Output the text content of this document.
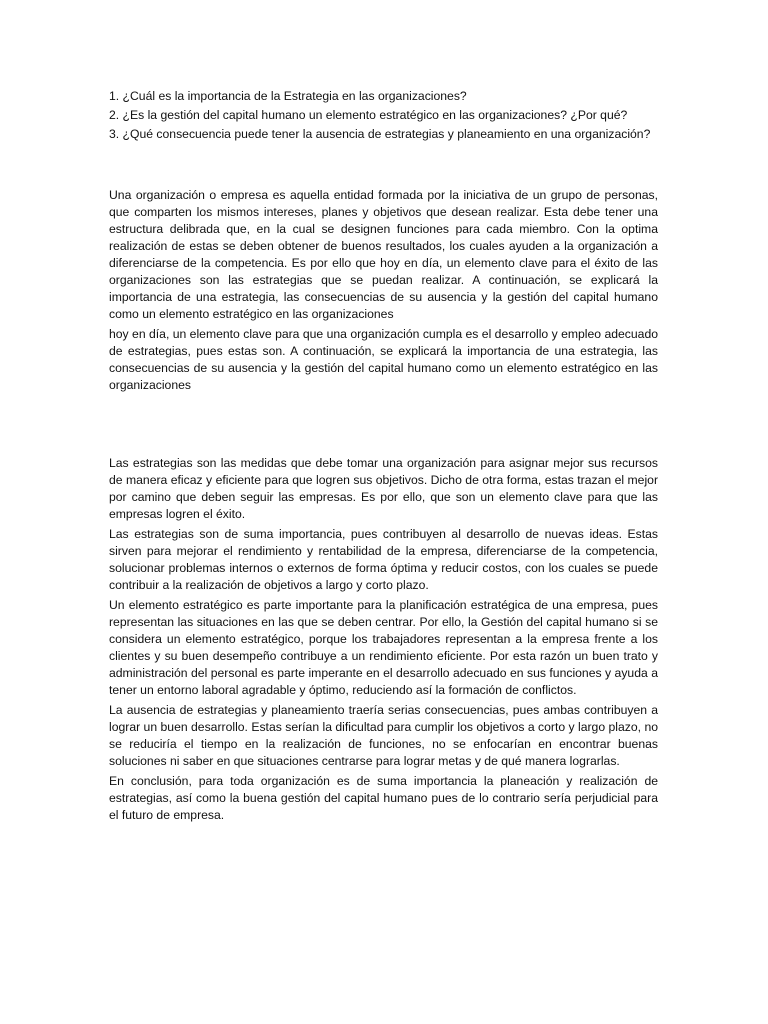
1. ¿Cuál es la importancia de la Estrategia en las organizaciones?

2. ¿Es la gestión del capital humano un elemento estratégico en las organizaciones? ¿Por qué?

3. ¿Qué consecuencia puede tener la ausencia de estrategias y planeamiento en una organización?

Una organización o empresa es aquella entidad formada por la iniciativa de un grupo de personas, que comparten los mismos intereses, planes y objetivos que desean realizar. Esta debe tener una estructura delibrada que, en la cual se designen funciones para cada miembro. Con la optima realización de estas se deben obtener de buenos resultados, los cuales ayuden a la organización a diferenciarse de la competencia. Es por ello que hoy en día, un elemento clave para el éxito de las organizaciones son las estrategias que se puedan realizar. A continuación, se explicará la importancia de una estrategia, las consecuencias de su ausencia y la gestión del capital humano como un elemento estratégico en las organizaciones

hoy en día, un elemento clave para que una organización cumpla es el desarrollo y empleo adecuado de estrategias, pues estas son. A continuación, se explicará la importancia de una estrategia, las consecuencias de su ausencia y la gestión del capital humano como un elemento estratégico en las organizaciones

Las estrategias son las medidas que debe tomar una organización para asignar mejor sus recursos de manera eficaz y eficiente para que logren sus objetivos. Dicho de otra forma, estas trazan el mejor por camino que deben seguir las empresas. Es por ello, que son un elemento clave para que las empresas logren el éxito.

Las estrategias son de suma importancia, pues contribuyen al desarrollo de nuevas ideas. Estas sirven para mejorar el rendimiento y rentabilidad de la empresa, diferenciarse de la competencia, solucionar problemas internos o externos de forma óptima y reducir costos, con los cuales se puede contribuir a la realización de objetivos a largo y corto plazo.

Un elemento estratégico es parte importante para la planificación estratégica de una empresa, pues representan las situaciones en las que se deben centrar. Por ello, la Gestión del capital humano si se considera un elemento estratégico, porque los trabajadores representan a la empresa frente a los clientes y su buen desempeño contribuye a un rendimiento eficiente. Por esta razón un buen trato y administración del personal es parte imperante en el desarrollo adecuado en sus funciones y ayuda a tener un entorno laboral agradable y óptimo, reduciendo así la formación de conflictos.

La ausencia de estrategias y planeamiento traería serias consecuencias, pues ambas contribuyen a lograr un buen desarrollo. Estas serían la dificultad para cumplir los objetivos a corto y largo plazo, no se reduciría el tiempo en la realización de funciones, no se enfocarían en encontrar buenas soluciones ni saber en que situaciones centrarse para lograr metas y de qué manera lograrlas.

En conclusión, para toda organización es de suma importancia la planeación y realización de estrategias, así como la buena gestión del capital humano pues de lo contrario sería perjudicial para el futuro de empresa.
